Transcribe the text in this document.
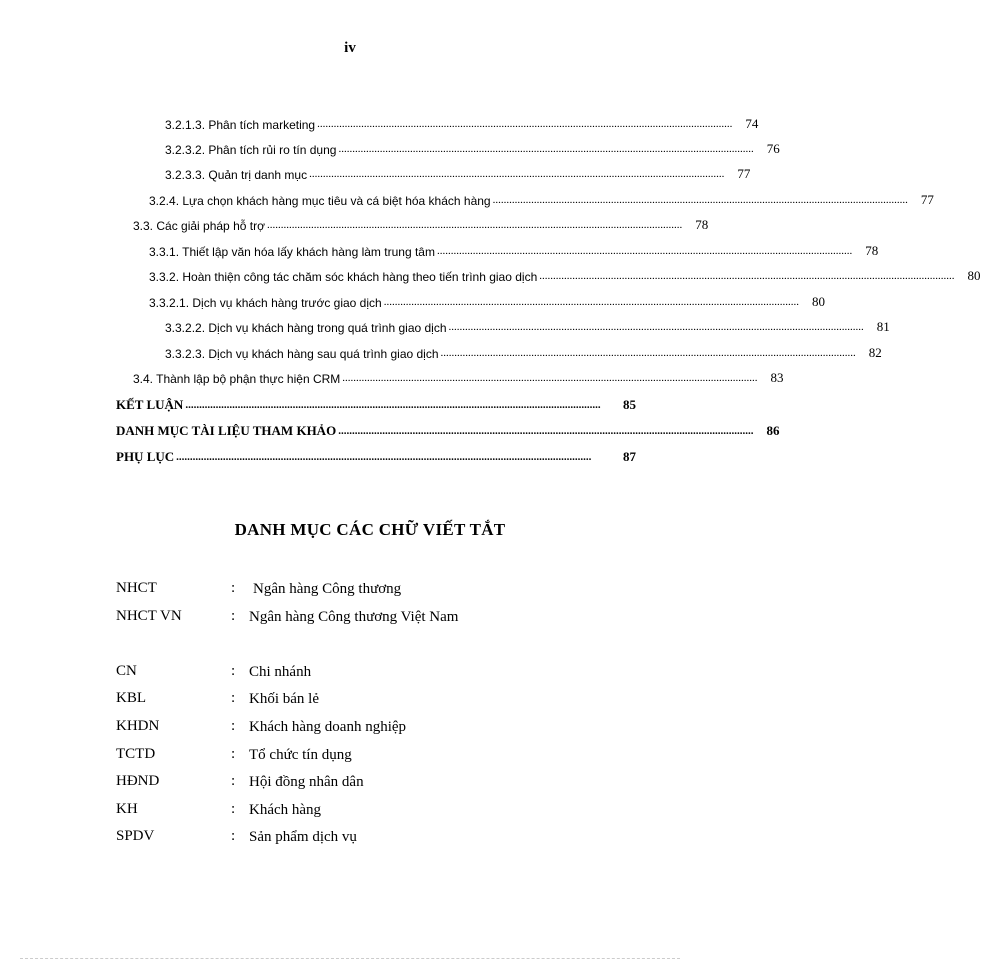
iv
3.2.1.3. Phân tích marketing .......................................................................................................................................................	74
3.2.3.2. Phân tích rủi ro tín dụng .......................................................................................................................................................	76
3.2.3.3. Quản trị danh mục .......................................................................................................................................................	77
3.2.4. Lựa chọn khách hàng mục tiêu và cá biệt hóa khách hàng .......................................................................................................................................................	77
3.3. Các giải pháp hỗ trợ .......................................................................................................................................................	78
3.3.1. Thiết lập văn hóa lấy khách hàng làm trung tâm .......................................................................................................................................................	78
3.3.2. Hoàn thiện công tác chăm sóc khách hàng theo tiến trình giao dịch .......................................................................................................................................................	80
3.3.2.1. Dịch vụ khách hàng trước giao dịch .......................................................................................................................................................	80
3.3.2.2. Dịch vụ khách hàng trong quá trình giao dịch .......................................................................................................................................................	81
3.3.2.3. Dịch vụ khách hàng sau quá trình giao dịch .......................................................................................................................................................	82
3.4. Thành lập bộ phận thực hiện CRM .......................................................................................................................................................	83
KẾT LUẬN .......................................................................................................................................................	85
DANH MỤC TÀI LIỆU THAM KHẢO .......................................................................................................................................................	86
PHỤ LỤC .......................................................................................................................................................	87
DANH MỤC CÁC CHỮ VIẾT TẮT
NHCT	: Ngân hàng Công thương
NHCT VN	: Ngân hàng Công thương Việt Nam
CN	: Chi nhánh
KBL	: Khối bán lẻ
KHDN	: Khách hàng doanh nghiệp
TCTD	: Tổ chức tín dụng
HĐND	: Hội đồng nhân dân
KH	: Khách hàng
SPDV	: Sản phẩm dịch vụ
